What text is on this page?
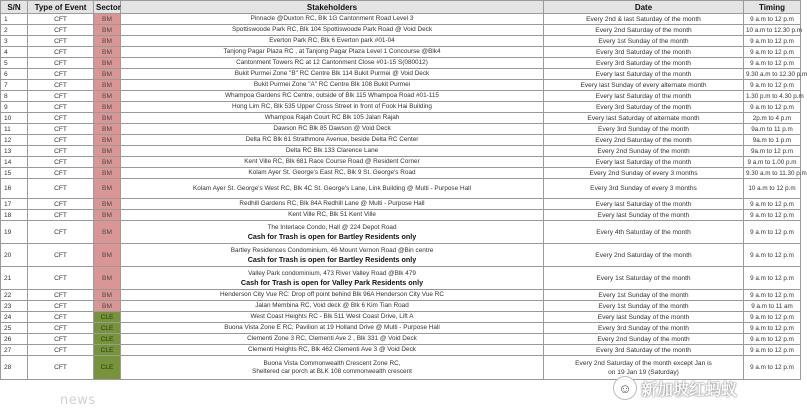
S/N	Type of Event	Sector	Stakeholders	Date	Timing
1	CFT	BM	Pinnacle @Duxton RC, Blk 1G Cantonment Road Level 3	Every 2nd & last Saturday of the month	9 a.m to 12 p.m
2	CFT	BM	Spottiswoode Park RC, Blk 104 Spottiswoode Park Road @ Void Deck	Every 2nd Saturday of the month	10 a.m to 12.30 p.m
3	CFT	BM	Everton Park RC, Blk 6 Everton park #01-04	Every 1st Sunday of the month	9 a.m to 12 p.m
4	CFT	BM	Tanjong Pagar Plaza RC , at Tanjong Pagar Plaza Level 1 Concourse @Blk4	Every 3rd Saturday of the month	9 a.m to 12 p.m
5	CFT	BM	Cantonment Towers RC at 12 Cantonment Close #01-15 S(080012)	Every 3rd Saturday of the month	9 a.m to 12 p.m
6	CFT	BM	Bukit Purmei Zone "B" RC Centre Blk 114 Bukit Purmei @ Void Deck	Every last Saturday of the month	9.30 a.m to 12.30 p.m
7	CFT	BM	Bukit Purmei Zone "A" RC Centre Blk 108 Bukit Purmei	Every last Sunday of every alternate month	9 a.m to 12 p.m
8	CFT	BM	Whampoa Gardens RC Centre, outside of Blk 115 Whampoa Road #01-115	Every last Saturday of the month	1.30 p.m to 4.30 p.m
9	CFT	BM	Hong Lim RC, Blk 535 Upper Cross Street in front of Fook Hai Building	Every 3rd Saturday of the month	9 a.m to 12 p.m
10	CFT	BM	Whampoa Rajah Court RC Blk 105 Jalan Rajah	Every last Saturday of alternate month	2p.m to 4 p.m
11	CFT	BM	Dawson RC Blk 85 Dawson @ Void Deck	Every 3rd Sunday of the month	9a.m to 11 p.m
12	CFT	BM	Delta RC Blk 61 Strathmore Avenue, beside Delta RC Center	Every 2nd Saturday of the month	9a.m to 1 p.m
13	CFT	BM	Delta RC Blk 133 Clarence Lane	Every 2nd Sunday of the month	9a.m to 12 p.m
14	CFT	BM	Kent Ville RC, Blk 681 Race Course Road @ Resident Corner	Every last Saturday of the month	9 a.m to 1.00 p.m
15	CFT	BM	Kolam Ayer St. George's East RC, Blk 9 St. George's Road	Every 2nd Sunday of every 3 months	9.30 a.m to 11.30 p.m
16	CFT	BM	Kolam Ayer St. George's West RC, Blk 4C St. George's Lane, Link Building @ Multi - Purpose Hall	Every 3rd Sunday of every 3 months	10 a.m to 12 p.m
17	CFT	BM	Redhill Gardens RC, Blk 84A Redhill Lane @ Multi - Purpose Hall	Every last Saturday of the month	9 a.m to 12 p.m
18	CFT	BM	Kent Ville RC, Blk 51 Kent Ville	Every last Sunday of the month	9 a.m to 12 p.m
19	CFT	BM	The Interlace Condo, Hall @ 224 Depot Road
Cash for Trash is open for Bartley Residents only	Every 4th Saturday of the month	9 a.m to 12 p.m
20	CFT	BM	Bartley Residences Condominium, 46 Mount Vernon Road @Bin centre
Cash for Trash is open for Bartley Residents only	Every 2nd Saturday of the month	9 a.m to 12 p.m
21	CFT	BM	Valley Park condominium, 473 River Valley Road @Blk 479
Cash for Trash is open for Valley Park Residents only	Every 1st Saturday of the month	9 a.m to 12 p.m
22	CFT	BM	Henderson City Vue RC: Drop off point behind Blk 96A Henderson City Vue RC	Every 1st Sunday of the month	9 a.m to 12 p.m
23	CFT	BM	Jalan Membina RC, Void deck @ Blk 6 Kim Tian Road	Every 1st Sunday of the month	9 a.m to 11 am
24	CFT	CLE	West Coast Heights RC - Blk 511 West Coast Drive, Lift A	Every last Sunday of the month	9 a.m to 12 p.m
25	CFT	CLE	Buona Vista Zone E RC, Pavilion at 19 Holland Drive @ Multi - Purpose Hall	Every 3rd Sunday of the month	9 a.m to 12 p.m
26	CFT	CLE	Clementi Zone 3 RC, Clementi Ave 2 , Blk 331 @ Void Deck	Every 2nd Sunday of the month	9 a.m to 12 p.m
27	CFT	CLE	Clementi Heights RC, Blk 462 Clementi Ave 3 @ Void Deck	Every 3rd Saturday of the month	9 a.m to 12 p.m
28	CFT	CLE	Buona Vista Commonwealth Crescent Zone RC,
Sheltered car porch at BLK 108 commonwealth crescent	Every 2nd Saturday of the month except Jan is
on 19 Jan 19 (Saturday)	9 a.m to 12 p.m
news
☺ 新加坡红蚂蚁
